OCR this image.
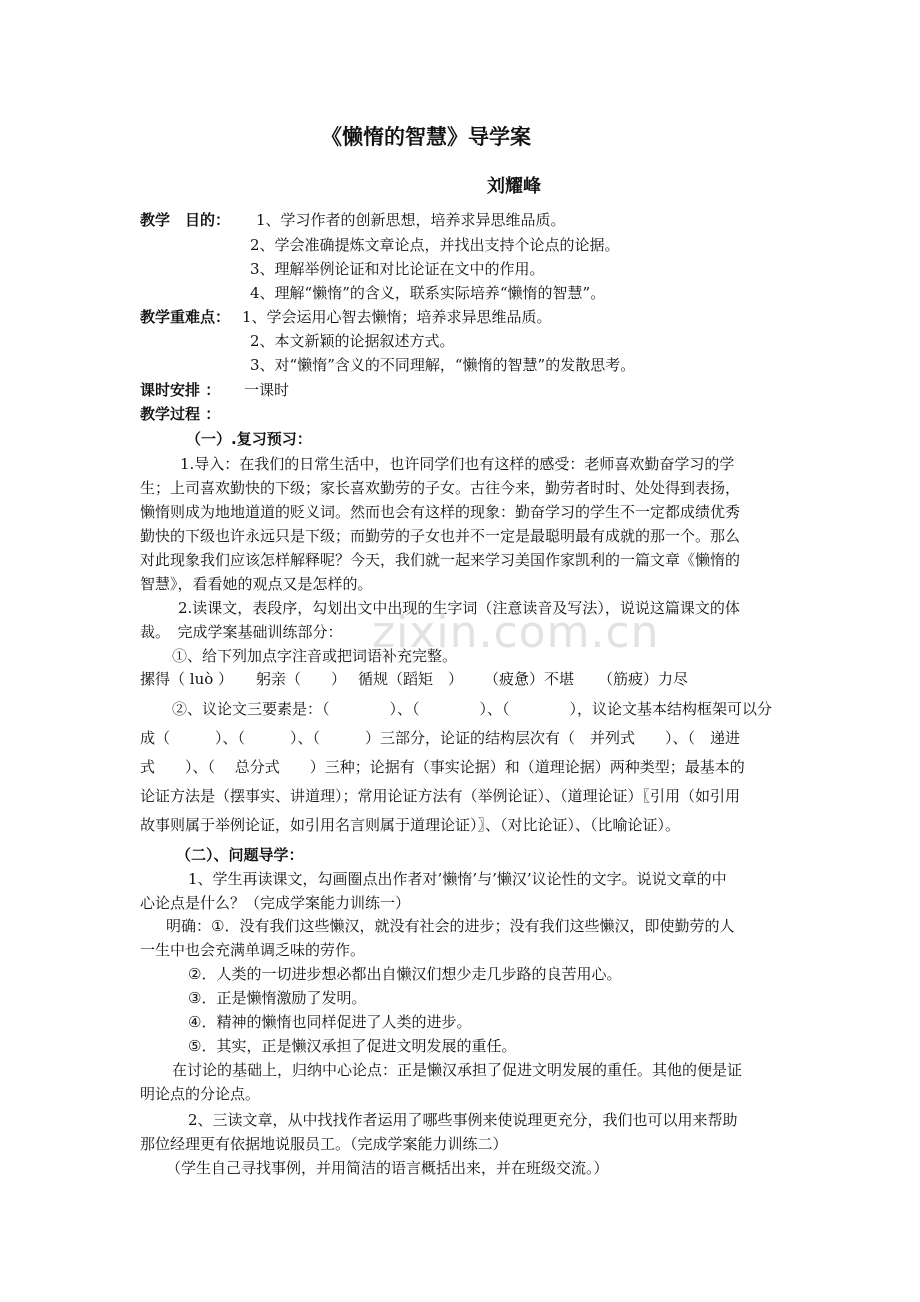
zixin.com.cn
《懒惰的智慧》导学案
刘耀峰
教学　目的： 1、学习作者的创新思想，培养求异思维品质。
2、学会准确提炼文章论点，并找出支持个论点的论据。
3、理解举例论证和对比论证在文中的作用。
4、理解“懒惰”的含义，联系实际培养“懒惰的智慧”。
教学重难点： 1、学会运用心智去懒惰；培养求异思维品质。
2、本文新颖的论据叙述方式。
3、对“懒惰”含义的不同理解，“懒惰的智慧”的发散思考。
课时安排 ： 一课时
教学过程 ：
（一）.复习预习：
1.导入：在我们的日常生活中，也许同学们也有这样的感受：老师喜欢勤奋学习的学
生；上司喜欢勤快的下级；家长喜欢勤劳的子女。古往今来，勤劳者时时、处处得到表扬，
懒惰则成为地地道道的贬义词。然而也会有这样的现象：勤奋学习的学生不一定都成绩优秀
勤快的下级也许永远只是下级；而勤劳的子女也并不一定是最聪明最有成就的那一个。那么
对此现象我们应该怎样解释呢？今天，我们就一起来学习美国作家凯利的一篇文章《懒惰的
智慧》，看看她的观点又是怎样的。
2.读课文，表段序，勾划出文中出现的生字词（注意读音及写法），说说这篇课文的体
裁。　完成学案基础训练部分：
①、给下列加点字注音或把词语补充完整。
摞得（ luò ） 躬亲（　　） 循规（蹈矩　） （疲惫）不堪 （筋疲）力尽
②、议论文三要素是：（　　　　）、（　　　　）、（　　　　），议论文基本结构框架可以分
成（　　　）、（　　　）、（　　　）三部分，论证的结构层次有（　并列式　　）、（　递进
式　　）、（　 总分式　　）三种；论据有（事实论据）和（道理论据）两种类型；最基本的
论证方法是（摆事实、讲道理）；常用论证方法有（举例论证）、（道理论证）〖引用（如引用
故事则属于举例论证，如引用名言则属于道理论证）〗、（对比论证）、（比喻论证）。
（二）、问题导学：
1、学生再读课文，勾画圈点出作者对’懒惰’与’懒汉’议论性的文字。说说文章的中
心论点是什么？（完成学案能力训练一）
明确：①．没有我们这些懒汉，就没有社会的进步；没有我们这些懒汉，即使勤劳的人
一生中也会充满单调乏味的劳作。
②．人类的一切进步想必都出自懒汉们想少走几步路的良苦用心。
③．正是懒惰激励了发明。
④．精神的懒惰也同样促进了人类的进步。
⑤．其实，正是懒汉承担了促进文明发展的重任。
在讨论的基础上，归纳中心论点：正是懒汉承担了促进文明发展的重任。其他的便是证
明论点的分论点。
2、三读文章，从中找找作者运用了哪些事例来使说理更充分，我们也可以用来帮助
那位经理更有依据地说服员工。（完成学案能力训练二）
（学生自己寻找事例，并用简洁的语言概括出来，并在班级交流。）
